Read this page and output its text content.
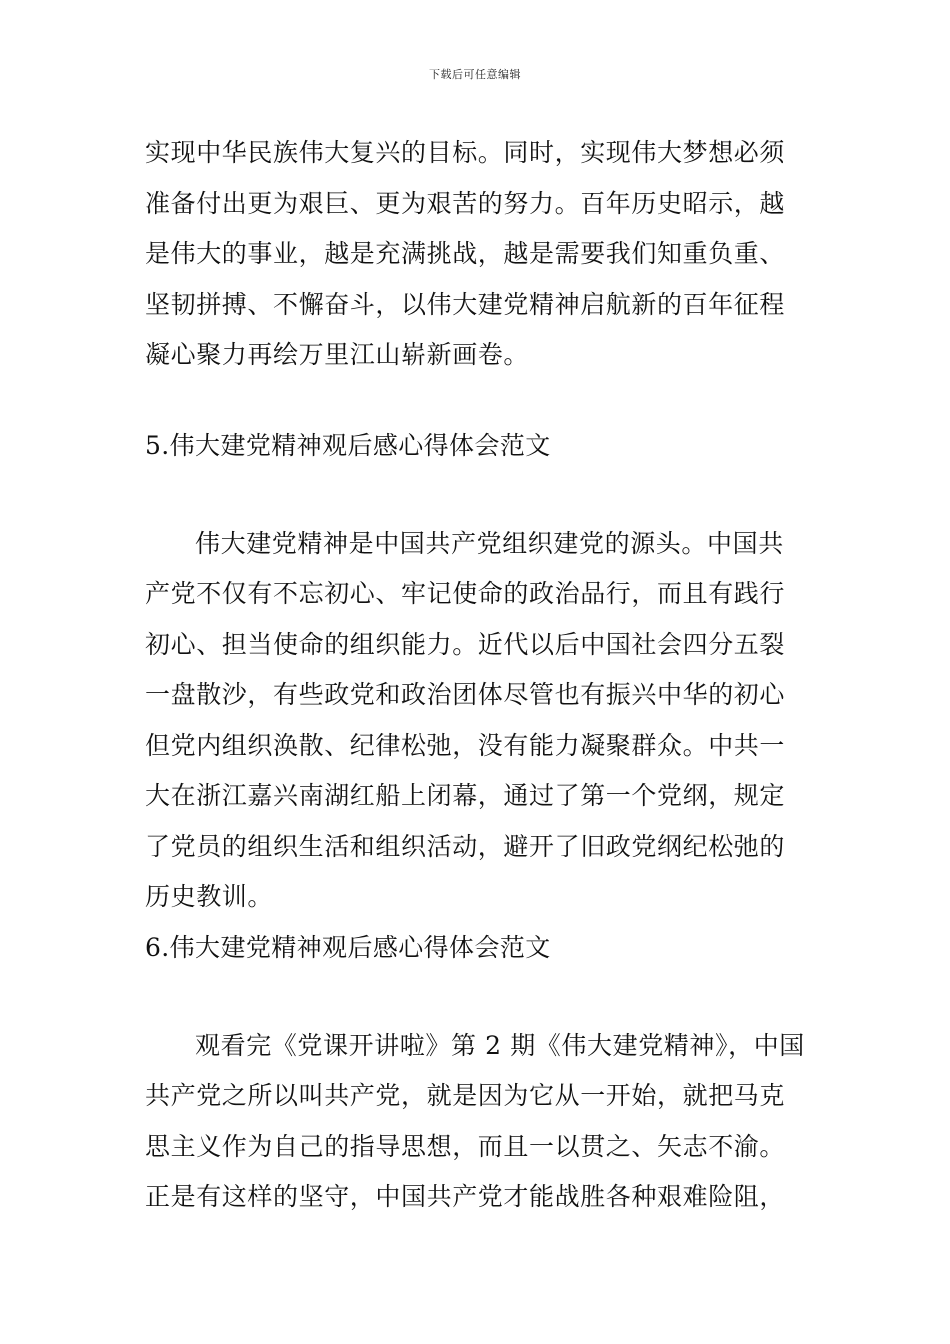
下载后可任意编辑
实现中华民族伟大复兴的目标。同时，实现伟大梦想必须
准备付出更为艰巨、更为艰苦的努力。百年历史昭示，越
是伟大的事业，越是充满挑战，越是需要我们知重负重、
坚韧拼搏、不懈奋斗，以伟大建党精神启航新的百年征程
凝心聚力再绘万里江山崭新画卷。
5.伟大建党精神观后感心得体会范文
伟大建党精神是中国共产党组织建党的源头。中国共
产党不仅有不忘初心、牢记使命的政治品行，而且有践行
初心、担当使命的组织能力。近代以后中国社会四分五裂
一盘散沙，有些政党和政治团体尽管也有振兴中华的初心
但党内组织涣散、纪律松弛，没有能力凝聚群众。中共一
大在浙江嘉兴南湖红船上闭幕，通过了第一个党纲，规定
了党员的组织生活和组织活动，避开了旧政党纲纪松弛的
历史教训。
6.伟大建党精神观后感心得体会范文
观看完《党课开讲啦》第 2 期《伟大建党精神》，中国
共产党之所以叫共产党，就是因为它从一开始，就把马克
思主义作为自己的指导思想，而且一以贯之、矢志不渝。
正是有这样的坚守，中国共产党才能战胜各种艰难险阻，
